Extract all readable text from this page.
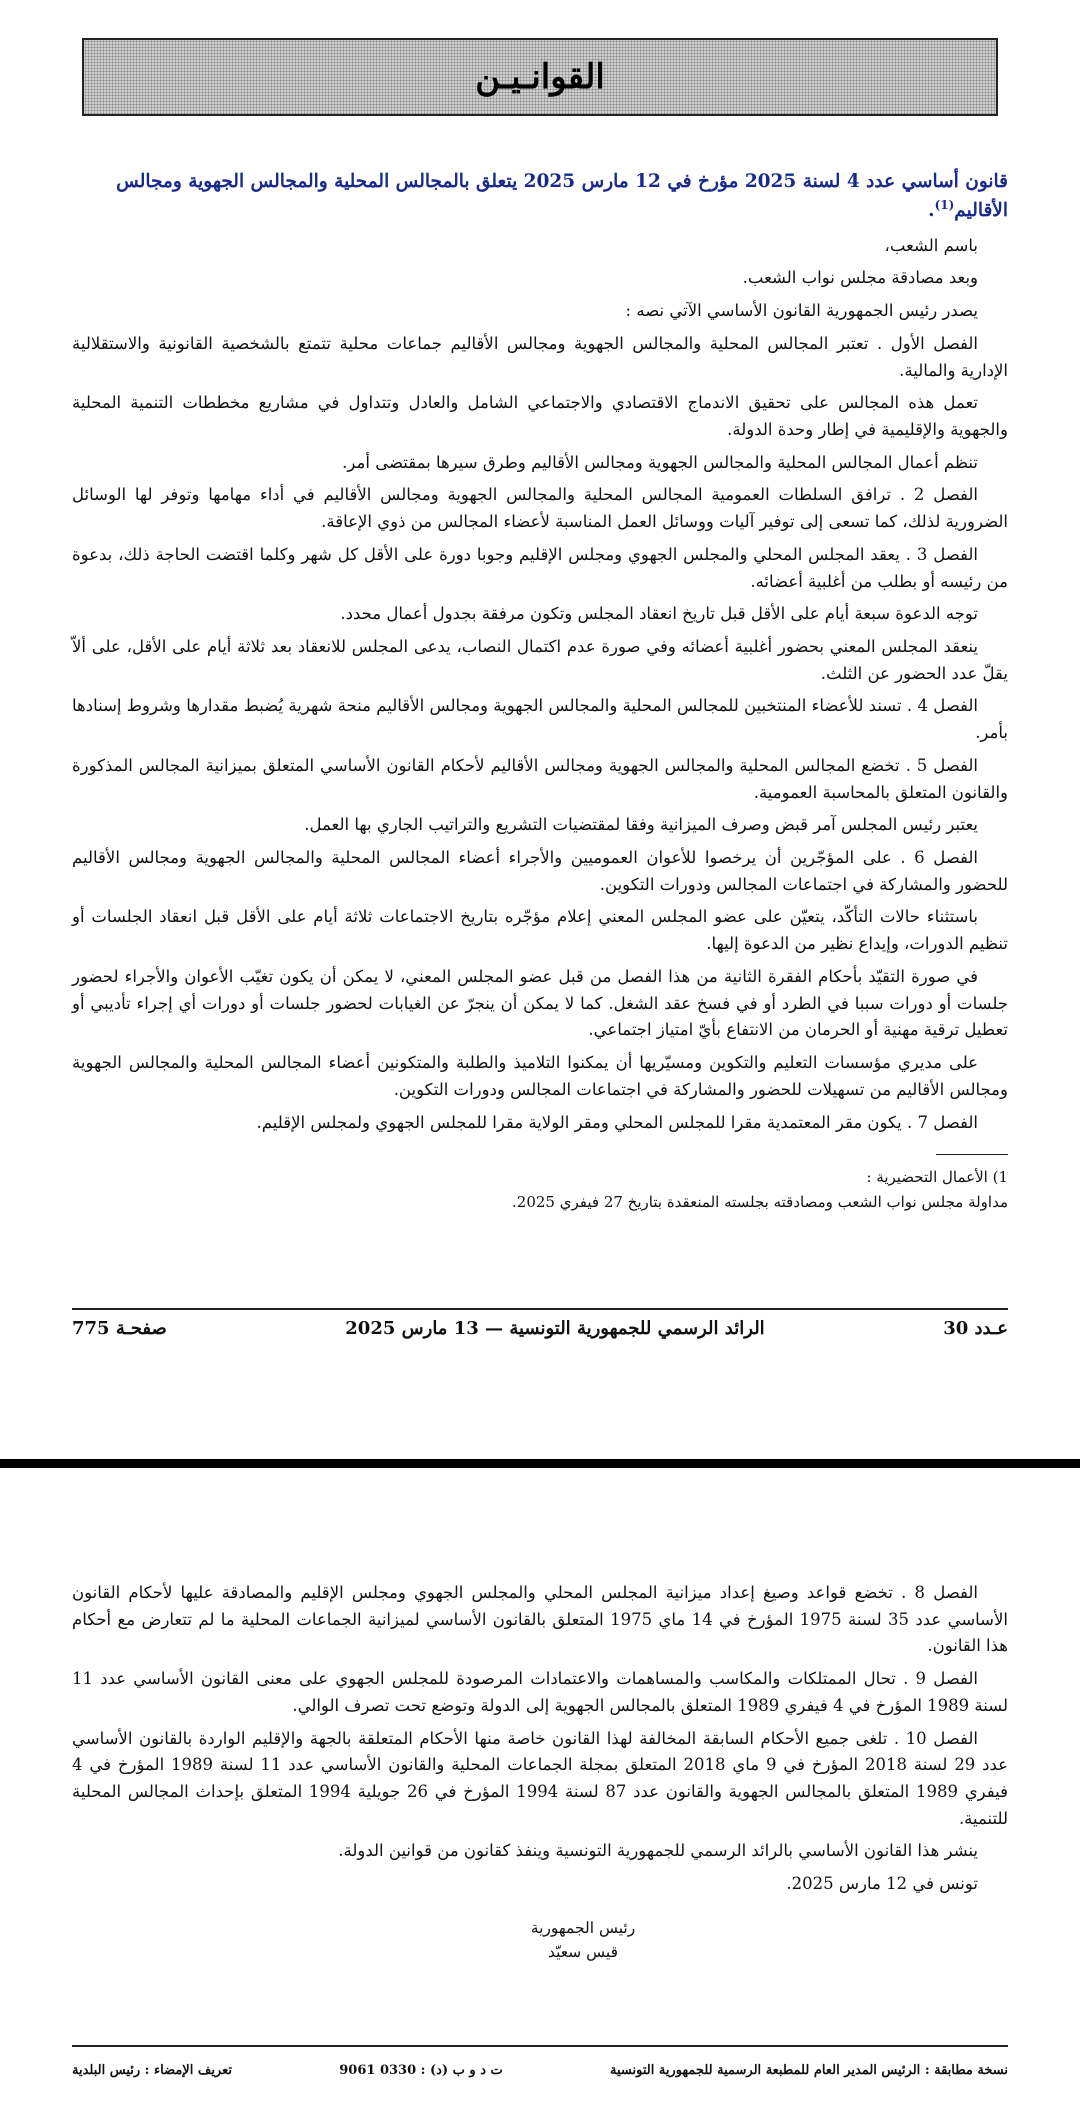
القوانـيـن

قانون أساسي عدد 4 لسنة 2025 مؤرخ في 12 مارس 2025 يتعلق بالمجالس المحلية والمجالس الجهوية ومجالس الأقاليم$^{(1)}$.

باسم الشعب،

وبعد مصادقة مجلس نواب الشعب.

يصدر رئيس الجمهورية القانون الأساسي الآتي نصه :

الفصل الأول . تعتبر المجالس المحلية والمجالس الجهوية ومجالس الأقاليم جماعات محلية تتمتع بالشخصية القانونية والاستقلالية الإدارية والمالية.

تعمل هذه المجالس على تحقيق الاندماج الاقتصادي والاجتماعي الشامل والعادل وتتداول في مشاريع مخططات التنمية المحلية والجهوية والإقليمية في إطار وحدة الدولة.

تنظم أعمال المجالس المحلية والمجالس الجهوية ومجالس الأقاليم وطرق سيرها بمقتضى أمر.

الفصل 2 . ترافق السلطات العمومية المجالس المحلية والمجالس الجهوية ومجالس الأقاليم في أداء مهامها وتوفر لها الوسائل الضرورية لذلك، كما تسعى إلى توفير آليات ووسائل العمل المناسبة لأعضاء المجالس من ذوي الإعاقة.

الفصل 3 . يعقد المجلس المحلي والمجلس الجهوي ومجلس الإقليم وجوبا دورة على الأقل كل شهر وكلما اقتضت الحاجة ذلك، بدعوة من رئيسه أو بطلب من أغلبية أعضائه.

توجه الدعوة سبعة أيام على الأقل قبل تاريخ انعقاد المجلس وتكون مرفقة بجدول أعمال محدد.

ينعقد المجلس المعني بحضور أغلبية أعضائه وفي صورة عدم اكتمال النصاب، يدعى المجلس للانعقاد بعد ثلاثة أيام على الأقل، على ألاّ يقلّ عدد الحضور عن الثلث.

الفصل 4 . تسند للأعضاء المنتخبين للمجالس المحلية والمجالس الجهوية ومجالس الأقاليم منحة شهرية يُضبط مقدارها وشروط إسنادها بأمر.

الفصل 5 . تخضع المجالس المحلية والمجالس الجهوية ومجالس الأقاليم لأحكام القانون الأساسي المتعلق بميزانية المجالس المذكورة والقانون المتعلق بالمحاسبة العمومية.

يعتبر رئيس المجلس آمر قبض وصرف الميزانية وفقا لمقتضيات التشريع والتراتيب الجاري بها العمل.

الفصل 6 . على المؤجّرين أن يرخصوا للأعوان العموميين والأجراء أعضاء المجالس المحلية والمجالس الجهوية ومجالس الأقاليم للحضور والمشاركة في اجتماعات المجالس ودورات التكوين.

باستثناء حالات التأكّد، يتعيّن على عضو المجلس المعني إعلام مؤجّره بتاريخ الاجتماعات ثلاثة أيام على الأقل قبل انعقاد الجلسات أو تنظيم الدورات، وإيداع نظير من الدعوة إليها.

في صورة التقيّد بأحكام الفقرة الثانية من هذا الفصل من قبل عضو المجلس المعني، لا يمكن أن يكون تغيّب الأعوان والأجراء لحضور جلسات أو دورات سببا في الطرد أو في فسخ عقد الشغل. كما لا يمكن أن ينجرّ عن الغيابات لحضور جلسات أو دورات أي إجراء تأديبي أو تعطيل ترقية مهنية أو الحرمان من الانتفاع بأيّ امتياز اجتماعي.

على مديري مؤسسات التعليم والتكوين ومسيّريها أن يمكنوا التلاميذ والطلبة والمتكونين أعضاء المجالس المحلية والمجالس الجهوية ومجالس الأقاليم من تسهيلات للحضور والمشاركة في اجتماعات المجالس ودورات التكوين.

الفصل 7 . يكون مقر المعتمدية مقرا للمجلس المحلي ومقر الولاية مقرا للمجلس الجهوي ولمجلس الإقليم.

1) الأعمال التحضيرية :

مداولة مجلس نواب الشعب ومصادقته بجلسته المنعقدة بتاريخ 27 فيفري 2025.

عـدد 30
الرائد الرسمي للجمهورية التونسية — 13 مارس 2025
صفحـة 775

الفصل 8 . تخضع قواعد وصيغ إعداد ميزانية المجلس المحلي والمجلس الجهوي ومجلس الإقليم والمصادقة عليها لأحكام القانون الأساسي عدد 35 لسنة 1975 المؤرخ في 14 ماي 1975 المتعلق بالقانون الأساسي لميزانية الجماعات المحلية ما لم تتعارض مع أحكام هذا القانون.

الفصل 9 . تحال الممتلكات والمكاسب والمساهمات والاعتمادات المرصودة للمجلس الجهوي على معنى القانون الأساسي عدد 11 لسنة 1989 المؤرخ في 4 فيفري 1989 المتعلق بالمجالس الجهوية إلى الدولة وتوضع تحت تصرف الوالي.

الفصل 10 . تلغى جميع الأحكام السابقة المخالفة لهذا القانون خاصة منها الأحكام المتعلقة بالجهة والإقليم الواردة بالقانون الأساسي عدد 29 لسنة 2018 المؤرخ في 9 ماي 2018 المتعلق بمجلة الجماعات المحلية والقانون الأساسي عدد 11 لسنة 1989 المؤرخ في 4 فيفري 1989 المتعلق بالمجالس الجهوية والقانون عدد 87 لسنة 1994 المؤرخ في 26 جويلية 1994 المتعلق بإحداث المجالس المحلية للتنمية.

ينشر هذا القانون الأساسي بالرائد الرسمي للجمهورية التونسية وينفذ كقانون من قوانين الدولة.

تونس في 12 مارس 2025.

رئيس الجمهورية
قيس سعيّد
نسخة مطابقة : الرئيس المدير العام للمطبعة الرسمية للجمهورية التونسية
ت د و ب (د) : 0330 9061
تعريف الإمضاء : رئيس البلدية
